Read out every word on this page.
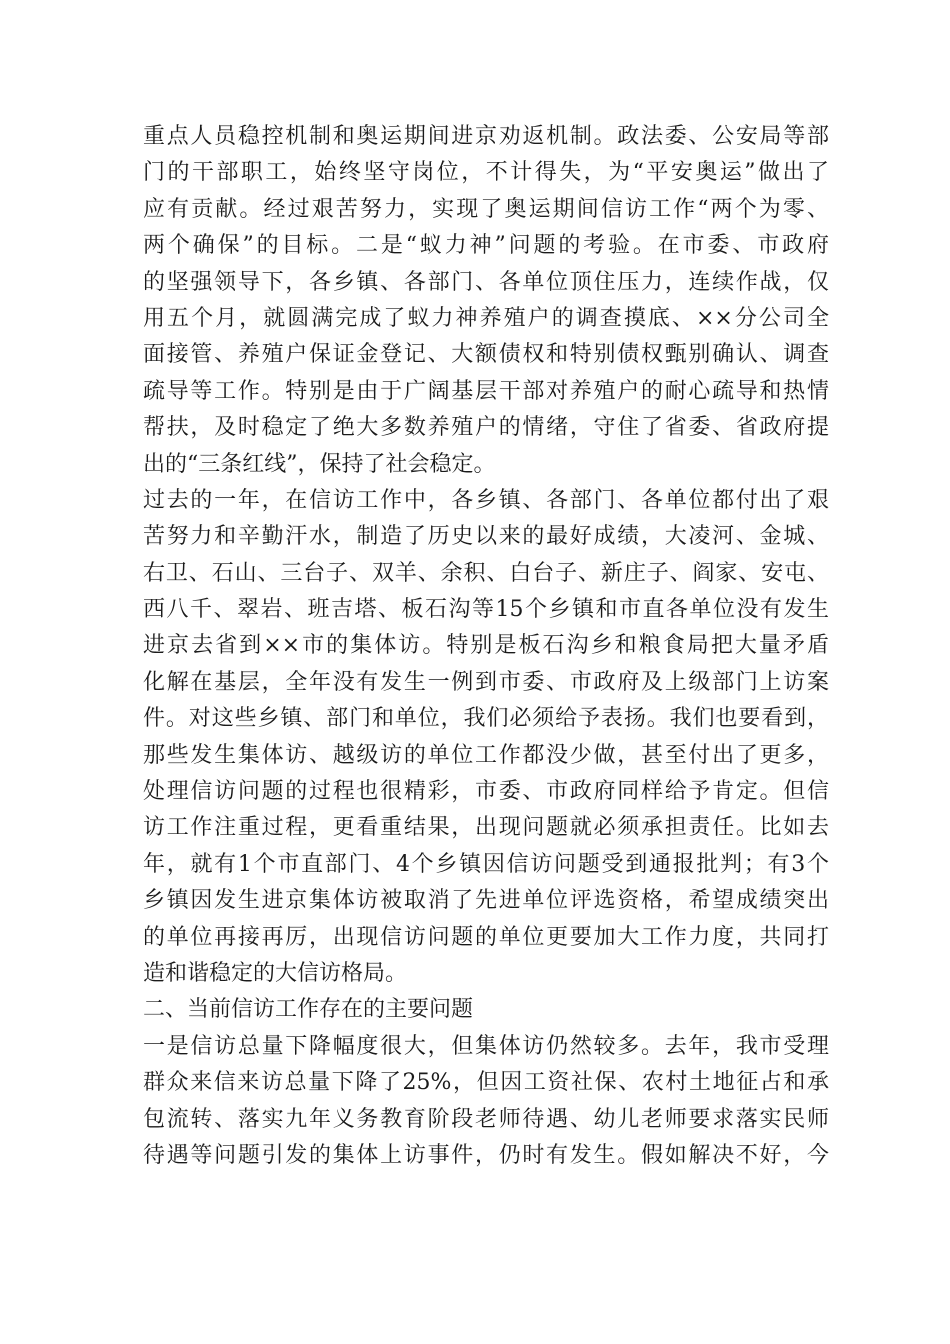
重点人员稳控机制和奥运期间进京劝返机制。政法委、公安局等部
门的干部职工，始终坚守岗位，不计得失，为“平安奥运”做出了
应有贡献。经过艰苦努力，实现了奥运期间信访工作“两个为零、
两个确保”的目标。二是“蚁力神”问题的考验。在市委、市政府
的坚强领导下，各乡镇、各部门、各单位顶住压力，连续作战，仅
用五个月，就圆满完成了蚁力神养殖户的调查摸底、××分公司全
面接管、养殖户保证金登记、大额债权和特别债权甄别确认、调查
疏导等工作。特别是由于广阔基层干部对养殖户的耐心疏导和热情
帮扶，及时稳定了绝大多数养殖户的情绪，守住了省委、省政府提
出的“三条红线”，保持了社会稳定。
过去的一年，在信访工作中，各乡镇、各部门、各单位都付出了艰
苦努力和辛勤汗水，制造了历史以来的最好成绩，大凌河、金城、
右卫、石山、三台子、双羊、余积、白台子、新庄子、阎家、安屯、
西八千、翠岩、班吉塔、板石沟等15个乡镇和市直各单位没有发生
进京去省到××市的集体访。特别是板石沟乡和粮食局把大量矛盾
化解在基层，全年没有发生一例到市委、市政府及上级部门上访案
件。对这些乡镇、部门和单位，我们必须给予表扬。我们也要看到，
那些发生集体访、越级访的单位工作都没少做，甚至付出了更多，
处理信访问题的过程也很精彩，市委、市政府同样给予肯定。但信
访工作注重过程，更看重结果，出现问题就必须承担责任。比如去
年，就有1个市直部门、4个乡镇因信访问题受到通报批判；有3个
乡镇因发生进京集体访被取消了先进单位评选资格，希望成绩突出
的单位再接再厉，出现信访问题的单位更要加大工作力度，共同打
造和谐稳定的大信访格局。
二、当前信访工作存在的主要问题
一是信访总量下降幅度很大，但集体访仍然较多。去年，我市受理
群众来信来访总量下降了25%，但因工资社保、农村土地征占和承
包流转、落实九年义务教育阶段老师待遇、幼儿老师要求落实民师
待遇等问题引发的集体上访事件，仍时有发生。假如解决不好，今
